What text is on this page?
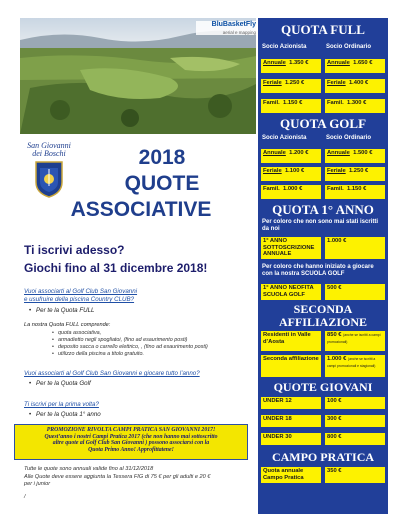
BluBasketFly
aerial e mapping
San Giovanni
dei Boschi	2018
QUOTE
ASSOCIATIVE
Ti iscrivi adesso?
Giochi fino al 31 dicembre 2018!
Vuoi associarti al Golf Club San Giovanni
e usufruire della piscina Country CLUB?
• Per te la Quota FULL
La nostra Quota FULL comprende:
• quota associativa,
• armadietto negli spogliatoi, (fino ad esaurimento posti)
• deposito sacca o carrello elettrico, , (fino ad esaurimento posti)
• utilizzo della piscina a titolo gratuito.
Vuoi associarti al Golf Club San Giovanni e giocare tutto l’anno?
• Per te la Quota Golf
Ti iscrivi per la prima volta?
• Per te la Quota 1° anno
PROMOZIONE RIVOLTA CAMPI PRATICA SAN GIOVANNI 2017!
Quest’anno i nostri Campi Pratica 2017 (che non hanno mai sottoscritto
altre quote al Golf Club San Giovanni ) possono associarsi con la
Quota Primo Anno! Approfittatene!
Tutte le quote sono annuali valide fino al 31/12/2018
Alle Quote deve essere aggiunta la Tessera FIG di 75 € per gli adulti e 20 €
per i junior
/
QUOTA FULL
Socio Azionista	Socio Ordinario
Annuale 1.350 €	Annuale 1.650 €
Feriale 1.250 €	Feriale 1.400 €
Famil. 1.150 €	Famil. 1.300 €
QUOTA GOLF
Socio Azionista	Socio Ordinario
Annuale 1.200 €	Annuale 1.500 €
Feriale 1.100 €	Feriale 1.250 €
Famil. 1.000 €	Famil. 1.150 €
QUOTA 1° ANNO
Per coloro che non sono mai stati iscritti da noi
1° ANNO SOTTOSCRIZIONE ANNUALE
1.000 €
Per coloro che hanno iniziato a giocare con la nostra SCUOLA GOLF
1° ANNO NEOFITA SCUOLA GOLF
500 €
SECONDA
AFFILIAZIONE
Residenti in Valle d’Aosta
850 € (anche se iscritti a campi promozionali)
Seconda affiliazione	1.000 € (anche se iscritti a campi promozionali e stagionali)
QUOTE GIOVANI
UNDER 12	100 €
UNDER 18	300 €
UNDER 30	800 €
CAMPO PRATICA
Quota annuale
Campo Pratica
350 €
